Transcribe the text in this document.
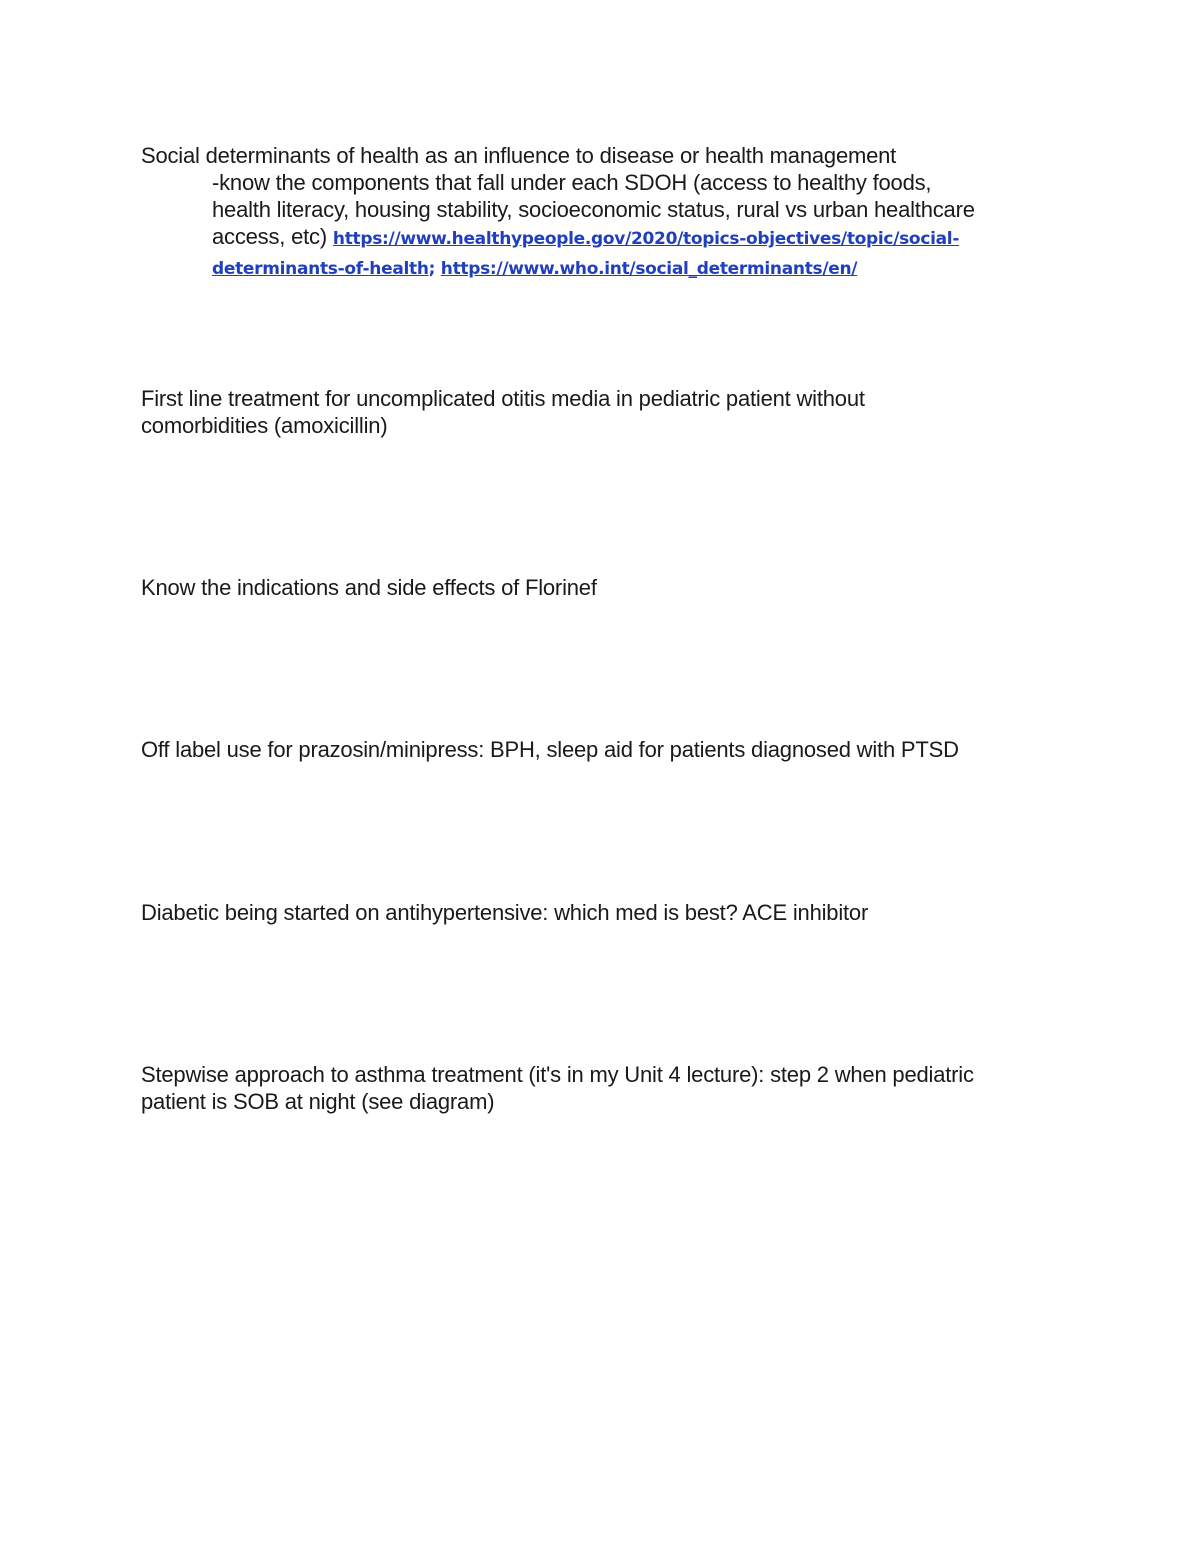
Social determinants of health as an influence to disease or health management
-know the components that fall under each SDOH (access to healthy foods,
health literacy, housing stability, socioeconomic status, rural vs urban healthcare
access, etc) https://www.healthypeople.gov/2020/topics-objectives/topic/social-
determinants-of-health; https://www.who.int/social_determinants/en/
First line treatment for uncomplicated otitis media in pediatric patient without
comorbidities (amoxicillin)
Know the indications and side effects of Florinef
Off label use for prazosin/minipress: BPH, sleep aid for patients diagnosed with PTSD
Diabetic being started on antihypertensive: which med is best? ACE inhibitor
Stepwise approach to asthma treatment (it's in my Unit 4 lecture): step 2 when pediatric
patient is SOB at night (see diagram)
